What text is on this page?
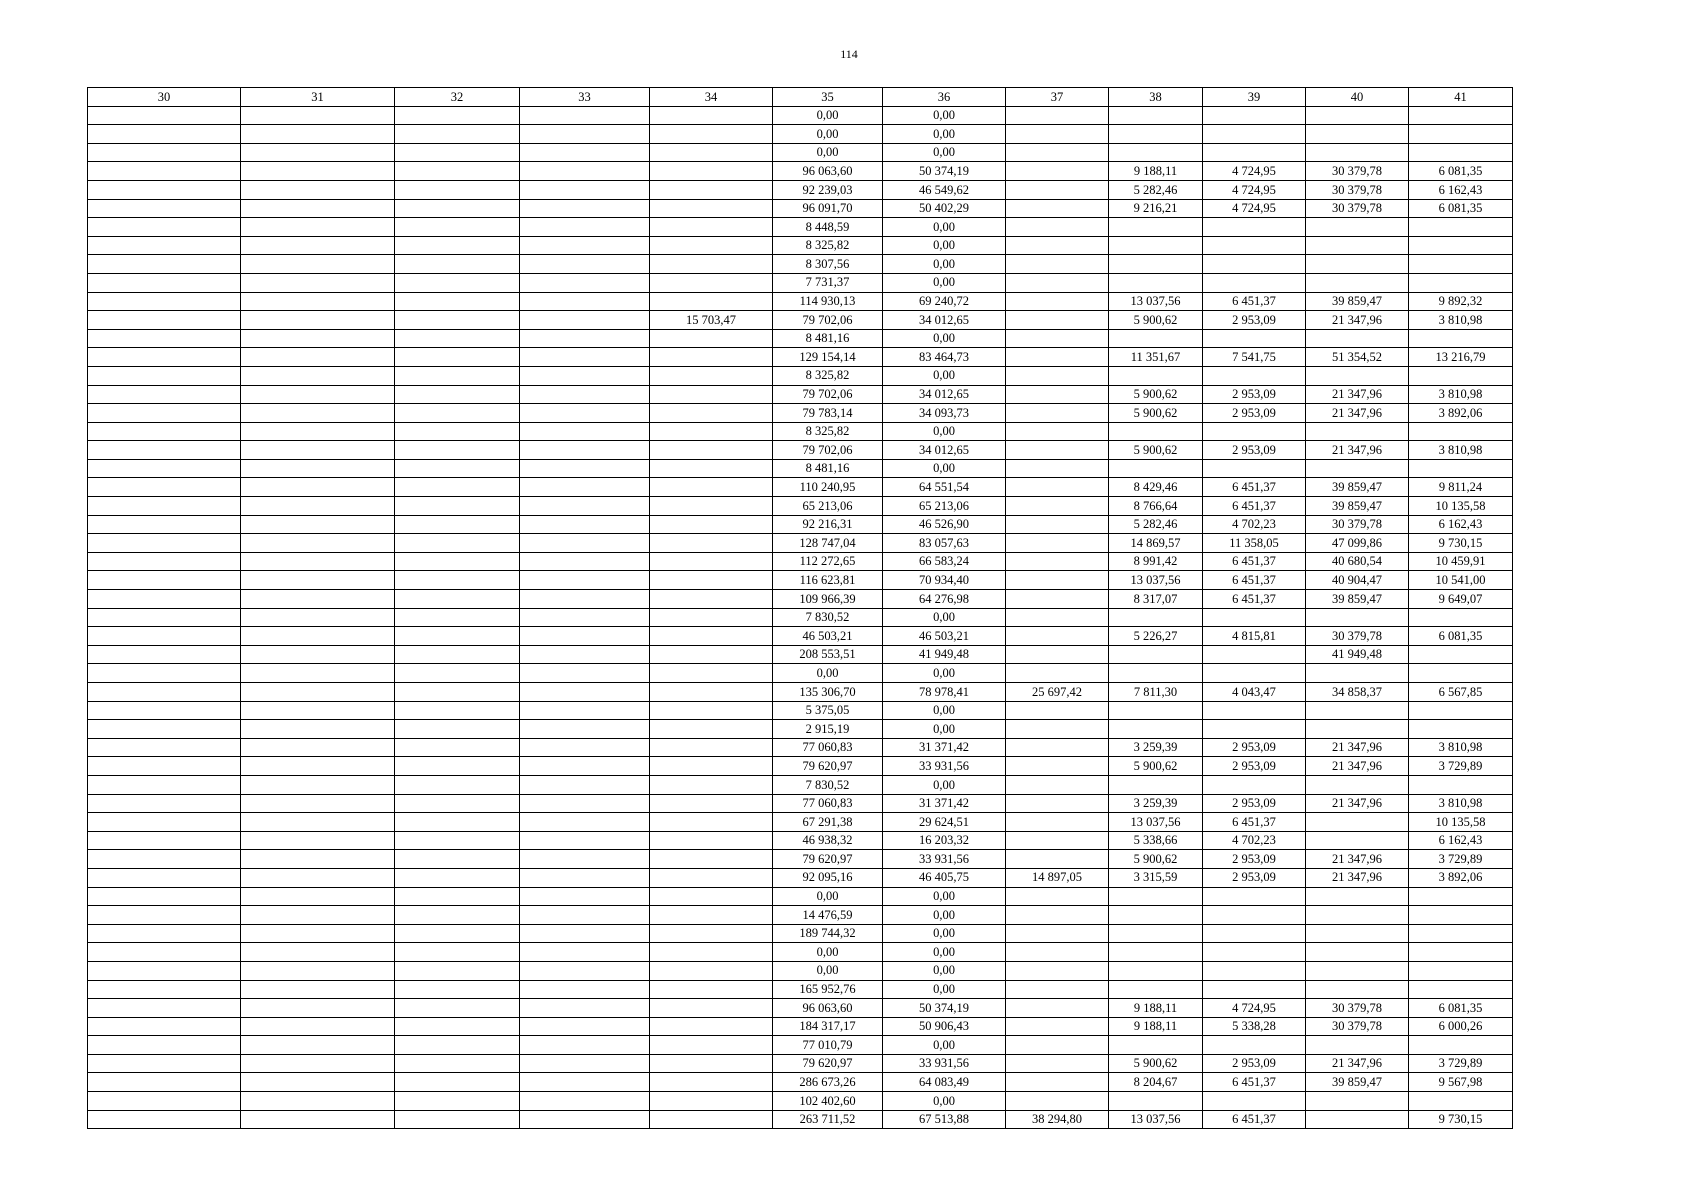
114
30	31	32	33	34	35	36	37	38	39	40	41
					0,00	0,00					
					0,00	0,00					
					0,00	0,00					
					96 063,60	50 374,19		9 188,11	4 724,95	30 379,78	6 081,35
					92 239,03	46 549,62		5 282,46	4 724,95	30 379,78	6 162,43
					96 091,70	50 402,29		9 216,21	4 724,95	30 379,78	6 081,35
					8 448,59	0,00					
					8 325,82	0,00					
					8 307,56	0,00					
					7 731,37	0,00					
					114 930,13	69 240,72		13 037,56	6 451,37	39 859,47	9 892,32
				15 703,47	79 702,06	34 012,65		5 900,62	2 953,09	21 347,96	3 810,98
					8 481,16	0,00					
					129 154,14	83 464,73		11 351,67	7 541,75	51 354,52	13 216,79
					8 325,82	0,00					
					79 702,06	34 012,65		5 900,62	2 953,09	21 347,96	3 810,98
					79 783,14	34 093,73		5 900,62	2 953,09	21 347,96	3 892,06
					8 325,82	0,00					
					79 702,06	34 012,65		5 900,62	2 953,09	21 347,96	3 810,98
					8 481,16	0,00					
					110 240,95	64 551,54		8 429,46	6 451,37	39 859,47	9 811,24
					65 213,06	65 213,06		8 766,64	6 451,37	39 859,47	10 135,58
					92 216,31	46 526,90		5 282,46	4 702,23	30 379,78	6 162,43
					128 747,04	83 057,63		14 869,57	11 358,05	47 099,86	9 730,15
					112 272,65	66 583,24		8 991,42	6 451,37	40 680,54	10 459,91
					116 623,81	70 934,40		13 037,56	6 451,37	40 904,47	10 541,00
					109 966,39	64 276,98		8 317,07	6 451,37	39 859,47	9 649,07
					7 830,52	0,00					
					46 503,21	46 503,21		5 226,27	4 815,81	30 379,78	6 081,35
					208 553,51	41 949,48				41 949,48	
					0,00	0,00					
					135 306,70	78 978,41	25 697,42	7 811,30	4 043,47	34 858,37	6 567,85
					5 375,05	0,00					
					2 915,19	0,00					
					77 060,83	31 371,42		3 259,39	2 953,09	21 347,96	3 810,98
					79 620,97	33 931,56		5 900,62	2 953,09	21 347,96	3 729,89
					7 830,52	0,00					
					77 060,83	31 371,42		3 259,39	2 953,09	21 347,96	3 810,98
					67 291,38	29 624,51		13 037,56	6 451,37		10 135,58
					46 938,32	16 203,32		5 338,66	4 702,23		6 162,43
					79 620,97	33 931,56		5 900,62	2 953,09	21 347,96	3 729,89
					92 095,16	46 405,75	14 897,05	3 315,59	2 953,09	21 347,96	3 892,06
					0,00	0,00					
					14 476,59	0,00					
					189 744,32	0,00					
					0,00	0,00					
					0,00	0,00					
					165 952,76	0,00					
					96 063,60	50 374,19		9 188,11	4 724,95	30 379,78	6 081,35
					184 317,17	50 906,43		9 188,11	5 338,28	30 379,78	6 000,26
					77 010,79	0,00					
					79 620,97	33 931,56		5 900,62	2 953,09	21 347,96	3 729,89
					286 673,26	64 083,49		8 204,67	6 451,37	39 859,47	9 567,98
					102 402,60	0,00					
					263 711,52	67 513,88	38 294,80	13 037,56	6 451,37		9 730,15
